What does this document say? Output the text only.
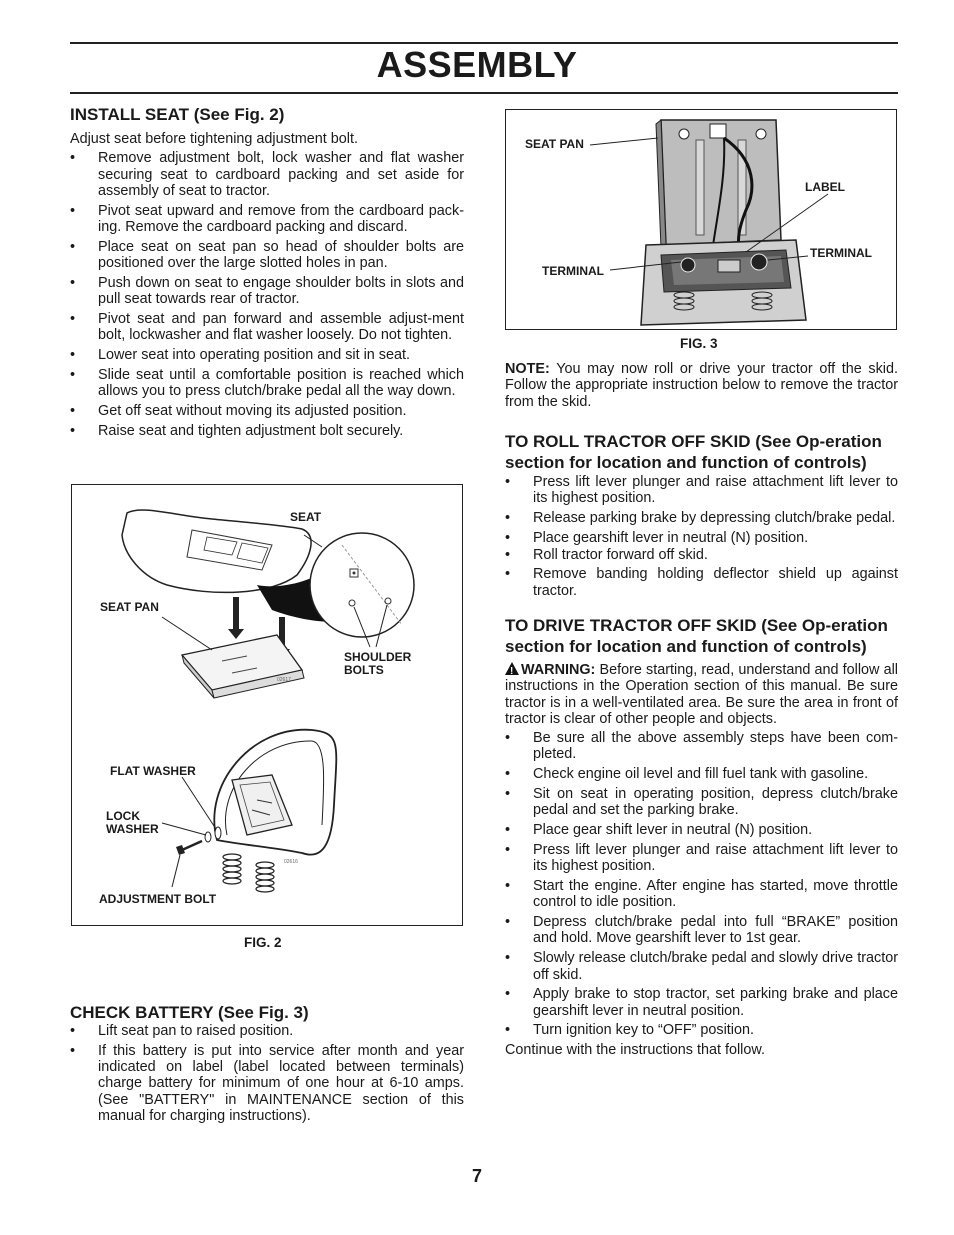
ASSEMBLY
INSTALL SEAT (See Fig. 2)

Adjust seat before tightening adjustment bolt.

• Remove adjustment bolt, lock washer and flat washer securing seat to cardboard packing and set aside for assembly of seat to tractor.
• Pivot seat upward and remove from the cardboard pack-ing. Remove the cardboard packing and discard.
• Place seat on seat pan so head of shoulder bolts are positioned over the large slotted holes in pan.
• Push down on seat to engage shoulder bolts in slots and pull seat towards rear of tractor.
• Pivot seat and pan forward and assemble adjust-ment bolt, lockwasher and flat washer loosely. Do not tighten.
• Lower seat into operating position and sit in seat.
• Slide seat until a comfortable position is reached which allows you to press clutch/brake pedal all the way down.
• Get off seat without moving its adjusted position.
• Raise seat and tighten adjustment bolt securely.
02617
02616
SEAT
SEAT PAN
SHOULDER BOLTS
FLAT WASHER
LOCK WASHER
ADJUSTMENT BOLT
FIG. 2
CHECK BATTERY (See Fig. 3)
• Lift seat pan to raised position.
• If this battery is put into service after month and year indicated on label (label located between terminals) charge battery for minimum of one hour at 6-10 amps. (See "BATTERY" in MAINTENANCE section of this manual for charging instructions).
SEAT PAN
LABEL
TERMINAL
TERMINAL
FIG. 3

NOTE: You may now roll or drive your tractor off the skid. Follow the appropriate instruction below to remove the tractor from the skid.

TO ROLL TRACTOR OFF SKID (See Op-eration section for location and function of controls)
• Press lift lever plunger and raise attachment lift lever to its highest position.
• Release parking brake by depressing clutch/brake pedal.
• Place gearshift lever in neutral (N) position.
• Roll tractor forward off skid.
• Remove banding holding deflector shield up against tractor.
TO DRIVE TRACTOR OFF SKID (See Op-eration section for location and function of controls)

! WARNING: Before starting, read, understand and follow all instructions in the Operation section of this manual. Be sure tractor is in a well-ventilated area. Be sure the area in front of tractor is clear of other people and objects.

• Be sure all the above assembly steps have been com-pleted.
• Check engine oil level and fill fuel tank with gasoline.
• Sit on seat in operating position, depress clutch/brake pedal and set the parking brake.
• Place gear shift lever in neutral (N) position.
• Press lift lever plunger and raise attachment lift lever to its highest position.
• Start the engine. After engine has started, move throttle control to idle position.
• Depress clutch/brake pedal into full “BRAKE” position and hold. Move gearshift lever to 1st gear.
• Slowly release clutch/brake pedal and slowly drive tractor off skid.
• Apply brake to stop tractor, set parking brake and place gearshift lever in neutral position.
• Turn ignition key to “OFF” position.

Continue with the instructions that follow.

7
